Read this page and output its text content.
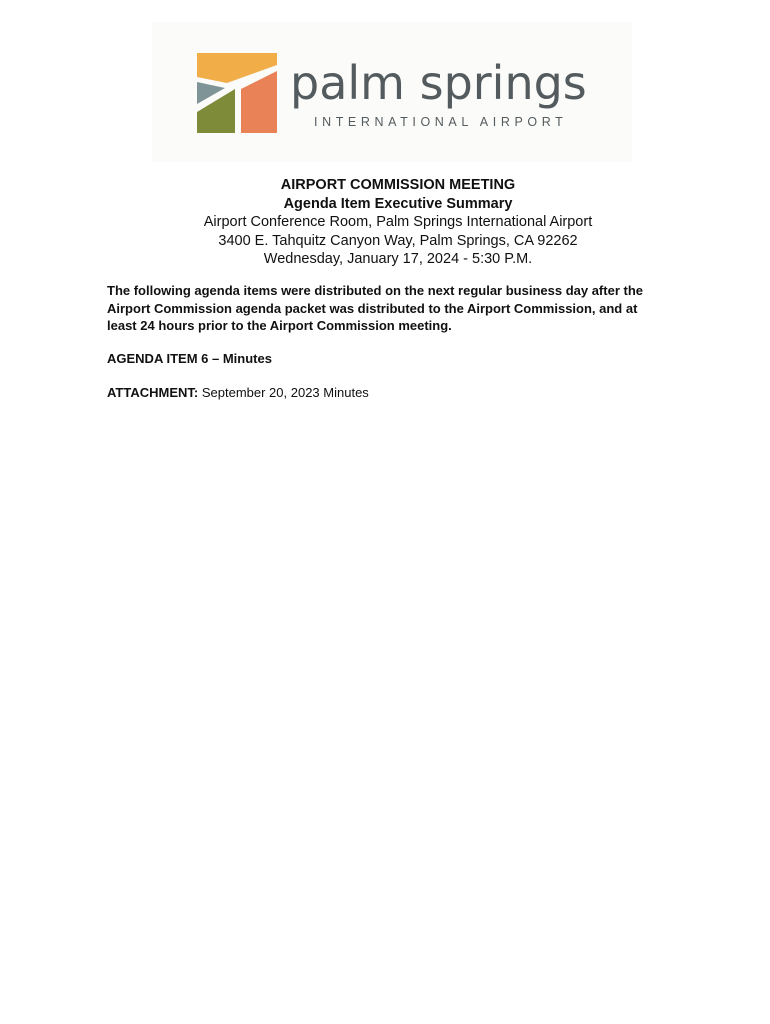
palm springs
INTERNATIONAL AIRPORT
AIRPORT COMMISSION MEETING
Agenda Item Executive Summary
Airport Conference Room, Palm Springs International Airport
3400 E. Tahquitz Canyon Way, Palm Springs, CA 92262
Wednesday, January 17, 2024 - 5:30 P.M.

The following agenda items were distributed on the next regular business day after the
Airport Commission agenda packet was distributed to the Airport Commission, and at
least 24 hours prior to the Airport Commission meeting.

AGENDA ITEM 6 – Minutes
ATTACHMENT: September 20, 2023 Minutes
